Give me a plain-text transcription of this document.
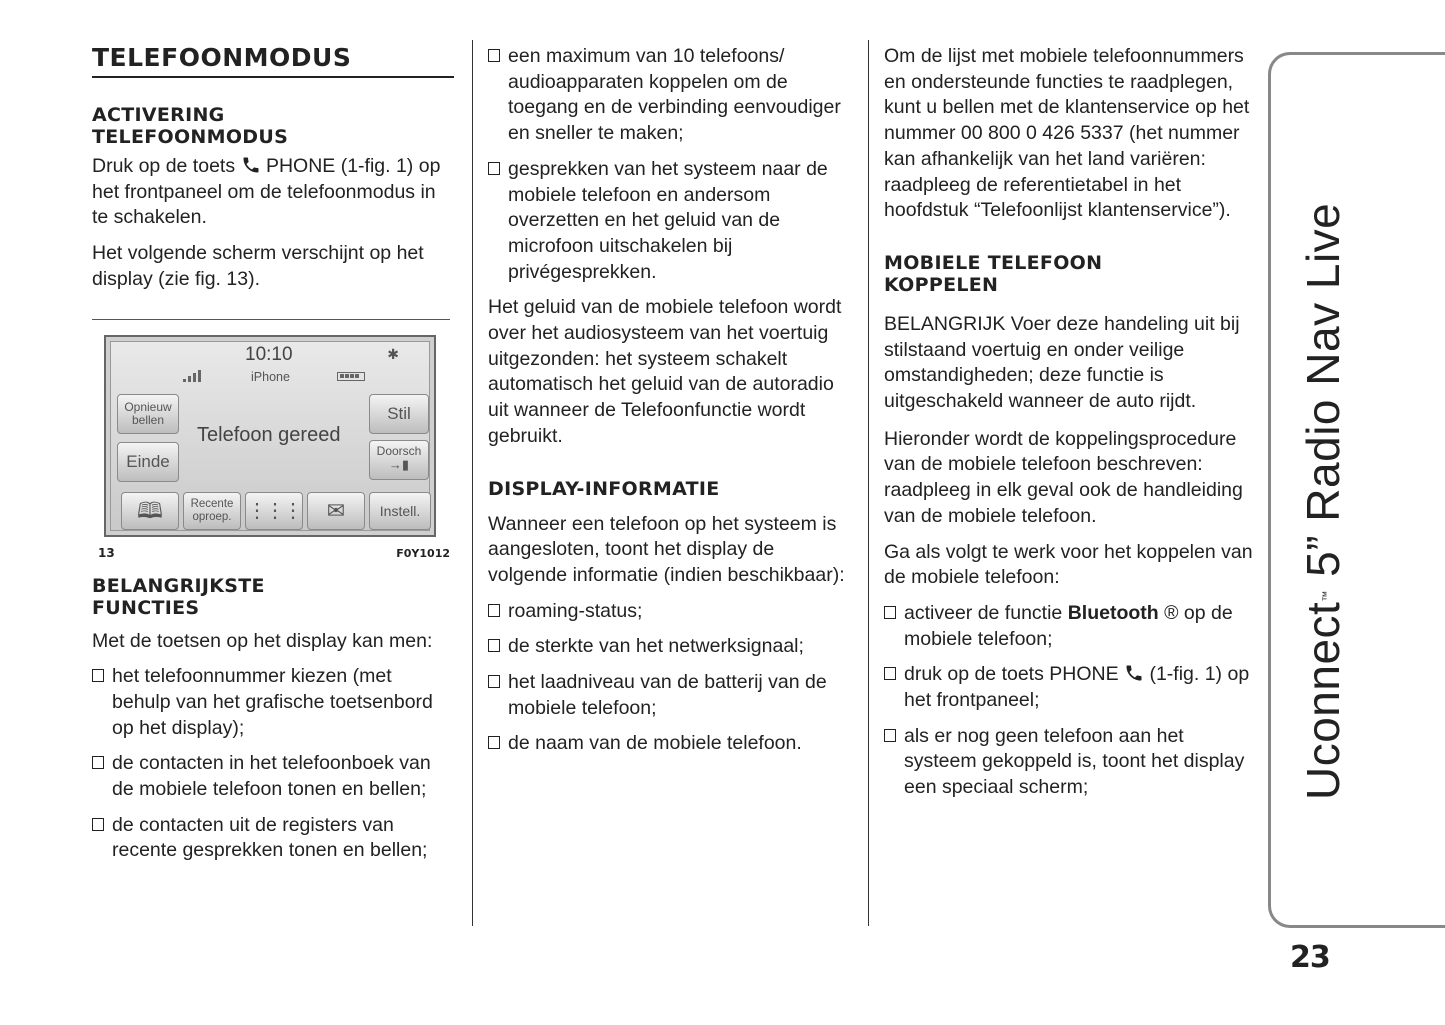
TELEFOONMODUS
ACTIVERING
TELEFOONMODUS

Druk op de toets PHONE (1-fig. 1) op het frontpaneel om de telefoonmodus in te schakelen.

Het volgende scherm verschijnt op het display (zie fig. 13).

10:10	✱
iPhone
Opnieuw bellen
Einde
Telefoon gereed
Stil
Doorsch
→▮
🕮	Recente oproep. ⋮⋮⋮	✉	Instell.
13	F0Y1012
BELANGRIJKSTE
FUNCTIES

Met de toetsen op het display kan men:

het telefoonnummer kiezen (met behulp van het grafische toetsenbord op het display);
de contacten in het telefoonboek van de mobiele telefoon tonen en bellen;
de contacten uit de registers van recente gesprekken tonen en bellen;
een maximum van 10 telefoons/ audioapparaten koppelen om de toegang en de verbinding eenvoudiger en sneller te maken;
gesprekken van het systeem naar de mobiele telefoon en andersom overzetten en het geluid van de microfoon uitschakelen bij privégesprekken.

Het geluid van de mobiele telefoon wordt over het audiosysteem van het voertuig uitgezonden: het systeem schakelt automatisch het geluid van de autoradio uit wanneer de Telefoonfunctie wordt gebruikt.

DISPLAY-INFORMATIE

Wanneer een telefoon op het systeem is aangesloten, toont het display de volgende informatie (indien beschikbaar):

roaming-status;
de sterkte van het netwerksignaal;
het laadniveau van de batterij van de mobiele telefoon;
de naam van de mobiele telefoon.

Om de lijst met mobiele telefoonnummers en ondersteunde functies te raadplegen, kunt u bellen met de klantenservice op het nummer 00 800 0 426 5337 (het nummer kan afhankelijk van het land variëren: raadpleeg de referentietabel in het hoofdstuk “Telefoonlijst klantenservice”).

MOBIELE TELEFOON
KOPPELEN

BELANGRIJK Voer deze handeling uit bij stilstaand voertuig en onder veilige omstandigheden; deze functie is uitgeschakeld wanneer de auto rijdt.

Hieronder wordt de koppelingsprocedure van de mobiele telefoon beschreven: raadpleeg in elk geval ook de handleiding van de mobiele telefoon.

Ga als volgt te werk voor het koppelen van de mobiele telefoon:

activeer de functie Bluetooth ® op de mobiele telefoon;
druk op de toets PHONE (1-fig. 1) op het frontpaneel;
als er nog geen telefoon aan het systeem gekoppeld is, toont het display een speciaal scherm;	Uconnect™ 5” Radio Nav Live
23
